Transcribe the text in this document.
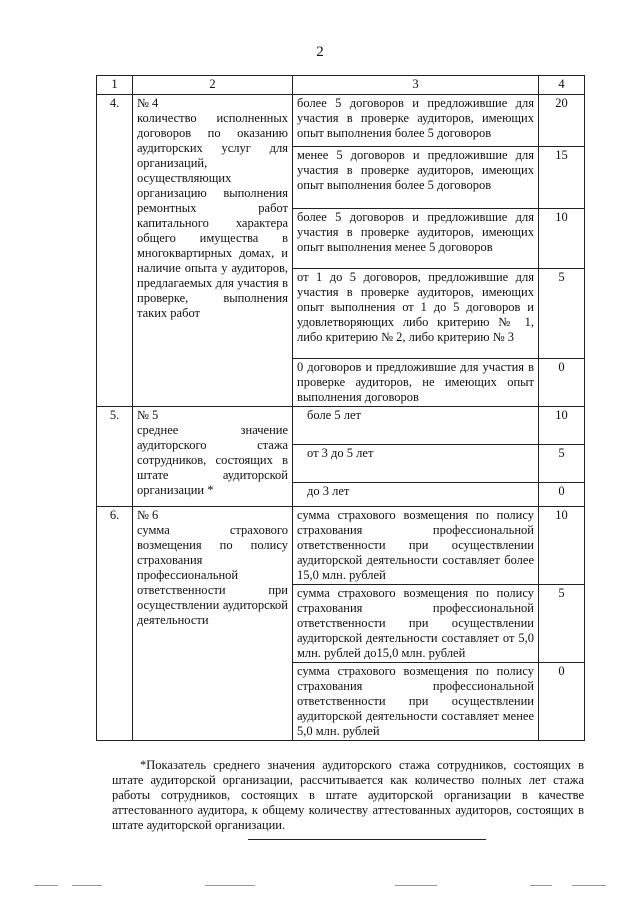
2
1	2	3	4
4.	№ 4
количество исполненных договоров по оказанию аудиторских услуг для организаций, осуществляющих организацию выполнения ремонтных работ капитального характера общего имущества в многоквартирных домах, и наличие опыта у аудиторов, предлагаемых для участия в проверке, выполнения таких работ	более 5 договоров и предложившие для участия в проверке аудиторов, имеющих опыт выполнения более 5 договоров	20
		менее 5 договоров и предложившие для участия в проверке аудиторов, имеющих опыт выполнения более 5 договоров	15
		более 5 договоров и предложившие для участия в проверке аудиторов, имеющих опыт выполнения менее 5 договоров	10
		от 1 до 5 договоров, предложившие для участия в проверке аудиторов, имеющих опыт выполнения от 1 до 5 договоров и удовлетворяющих либо критерию № 1, либо критерию № 2, либо критерию № 3	5
		0 договоров и предложившие для участия в проверке аудиторов, не имеющих опыт выполнения договоров	0
5.	№ 5
среднее значение аудиторского стажа сотрудников, состоящих в штате аудиторской организации *	боле 5 лет	10
		от 3 до 5 лет	5
		до 3 лет	0
6.	№ 6
сумма страхового возмещения по полису страхования профессиональной ответственности при осуществлении аудиторской деятельности	сумма страхового возмещения по полису страхования профессиональной ответственности при осуществлении аудиторской деятельности составляет более 15,0 млн. рублей	10
		сумма страхового возмещения по полису страхования профессиональной ответственности при осуществлении аудиторской деятельности составляет от 5,0 млн. рублей до15,0 млн. рублей	5
		сумма страхового возмещения по полису страхования профессиональной ответственности при осуществлении аудиторской деятельности составляет менее 5,0 млн. рублей	0
*Показатель среднего значения аудиторского стажа сотрудников, состоящих в штате аудиторской организации, рассчитывается как количество полных лет стажа работы сотрудников, состоящих в штате аудиторской организации в качестве аттестованного аудитора, к общему количеству аттестованных аудиторов, состоящих в штате аудиторской организации.
